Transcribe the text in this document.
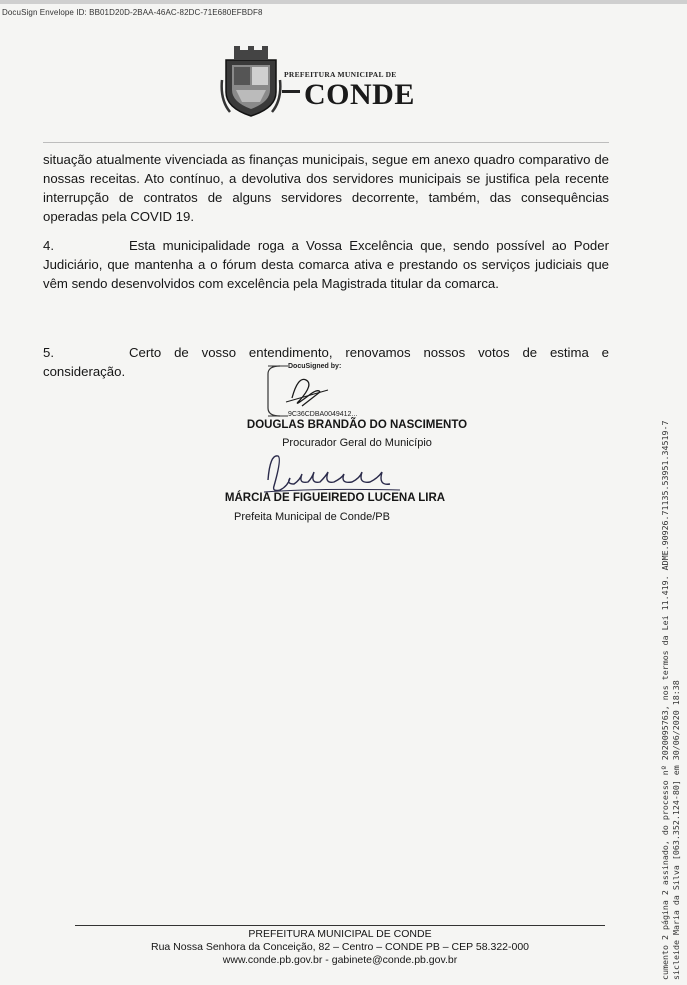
DocuSign Envelope ID: BB01D20D-2BAA-46AC-82DC-71E680EFBDF8
PREFEITURA MUNICIPAL DE
CONDE
situação atualmente vivenciada as finanças municipais, segue em anexo quadro comparativo de nossas receitas. Ato contínuo, a devolutiva dos servidores municipais se justifica pela recente interrupção de contratos de alguns servidores decorrente, também, das consequências operadas pela COVID 19.
4.	Esta municipalidade roga a Vossa Excelência que, sendo possível ao Poder Judiciário, que mantenha a o fórum desta comarca ativa e prestando os serviços judiciais que vêm sendo desenvolvidos com excelência pela Magistrada titular da comarca.
5.	Certo de vosso entendimento, renovamos nossos votos de estima e consideração.	DocuSigned by:
9C36CDBA0049412...
DOUGLAS BRANDÃO DO NASCIMENTO
Procurador Geral do Município
MÁRCIA DE FIGUEIREDO LUCENA LIRA
Prefeita Municipal de Conde/PB
PREFEITURA MUNICIPAL DE CONDE
Rua Nossa Senhora da Conceição, 82 – Centro – CONDE PB – CEP 58.322-000
www.conde.pb.gov.br - gabinete@conde.pb.gov.br	cumento 2 página 2 assinado, do processo nº 2020095763, nos termos da Lei 11.419. ADME.90926.71135.53951.34519-7 sicleide Maria da Silva [063.352.124-80] em 30/06/2020 18:38
